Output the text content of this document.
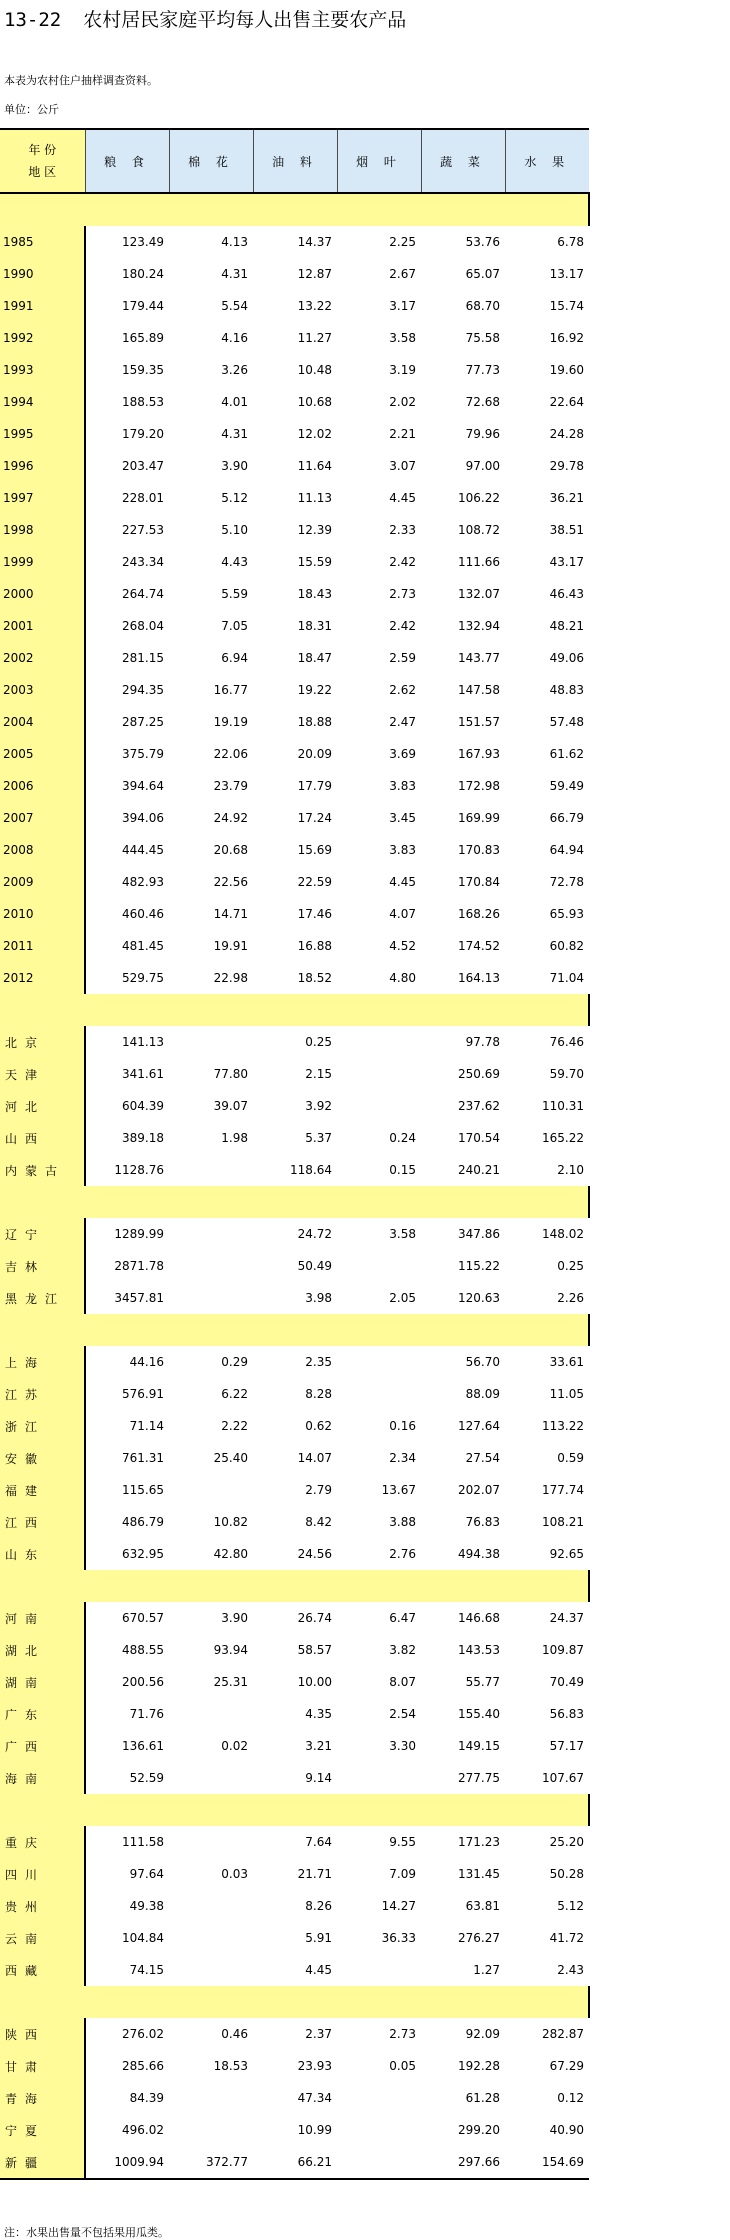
13-22 农村居民家庭平均每人出售主要农产品
本表为农村住户抽样调查资料。
单位：公斤
年 份
地 区	粮 食	棉 花	油 料	烟 叶	蔬 菜	水 果

1985	123.49	4.13	14.37	2.25	53.76	6.78
1990	180.24	4.31	12.87	2.67	65.07	13.17
1991	179.44	5.54	13.22	3.17	68.70	15.74
1992	165.89	4.16	11.27	3.58	75.58	16.92
1993	159.35	3.26	10.48	3.19	77.73	19.60
1994	188.53	4.01	10.68	2.02	72.68	22.64
1995	179.20	4.31	12.02	2.21	79.96	24.28
1996	203.47	3.90	11.64	3.07	97.00	29.78
1997	228.01	5.12	11.13	4.45	106.22	36.21
1998	227.53	5.10	12.39	2.33	108.72	38.51
1999	243.34	4.43	15.59	2.42	111.66	43.17
2000	264.74	5.59	18.43	2.73	132.07	46.43
2001	268.04	7.05	18.31	2.42	132.94	48.21
2002	281.15	6.94	18.47	2.59	143.77	49.06
2003	294.35	16.77	19.22	2.62	147.58	48.83
2004	287.25	19.19	18.88	2.47	151.57	57.48
2005	375.79	22.06	20.09	3.69	167.93	61.62
2006	394.64	23.79	17.79	3.83	172.98	59.49
2007	394.06	24.92	17.24	3.45	169.99	66.79
2008	444.45	20.68	15.69	3.83	170.83	64.94
2009	482.93	22.56	22.59	4.45	170.84	72.78
2010	460.46	14.71	17.46	4.07	168.26	65.93
2011	481.45	19.91	16.88	4.52	174.52	60.82
2012	529.75	22.98	18.52	4.80	164.13	71.04

北京	141.13		0.25		97.78	76.46
天津	341.61	77.80	2.15		250.69	59.70
河北	604.39	39.07	3.92		237.62	110.31
山西	389.18	1.98	5.37	0.24	170.54	165.22
内蒙古	1128.76		118.64	0.15	240.21	2.10

辽宁	1289.99		24.72	3.58	347.86	148.02
吉林	2871.78		50.49		115.22	0.25
黑龙江	3457.81		3.98	2.05	120.63	2.26

上海	44.16	0.29	2.35		56.70	33.61
江苏	576.91	6.22	8.28		88.09	11.05
浙江	71.14	2.22	0.62	0.16	127.64	113.22
安徽	761.31	25.40	14.07	2.34	27.54	0.59
福建	115.65		2.79	13.67	202.07	177.74
江西	486.79	10.82	8.42	3.88	76.83	108.21
山东	632.95	42.80	24.56	2.76	494.38	92.65

河南	670.57	3.90	26.74	6.47	146.68	24.37
湖北	488.55	93.94	58.57	3.82	143.53	109.87
湖南	200.56	25.31	10.00	8.07	55.77	70.49
广东	71.76		4.35	2.54	155.40	56.83
广西	136.61	0.02	3.21	3.30	149.15	57.17
海南	52.59		9.14		277.75	107.67

重庆	111.58		7.64	9.55	171.23	25.20
四川	97.64	0.03	21.71	7.09	131.45	50.28
贵州	49.38		8.26	14.27	63.81	5.12
云南	104.84		5.91	36.33	276.27	41.72
西藏	74.15		4.45		1.27	2.43

陕西	276.02	0.46	2.37	2.73	92.09	282.87
甘肃	285.66	18.53	23.93	0.05	192.28	67.29
青海	84.39		47.34		61.28	0.12
宁夏	496.02		10.99		299.20	40.90
新疆	1009.94	372.77	66.21		297.66	154.69
注：水果出售量不包括果用瓜类。
